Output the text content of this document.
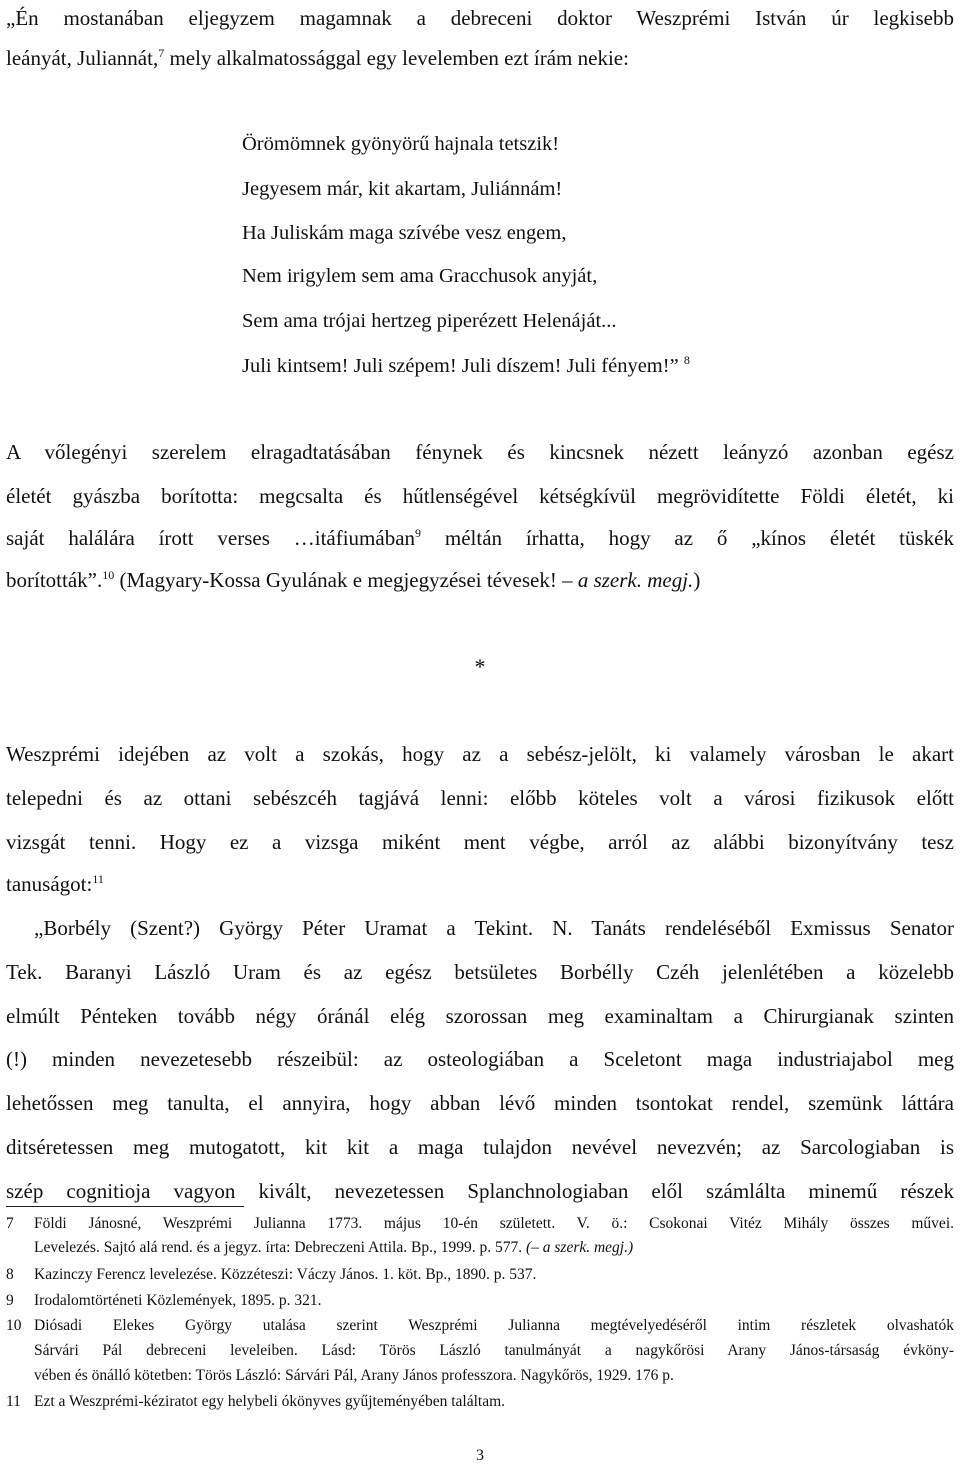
„Én mostanában eljegyzem magamnak a debreceni doktor Weszprémi István úr legkisebb
leányát, Juliannát,$^7$ mely alkalmatossággal egy levelemben ezt írám nekie:
Örömömnek gyönyörű hajnala tetszik!
Jegyesem már, kit akartam, Juliánnám!
Ha Juliskám maga szívébe vesz engem,
Nem irigylem sem ama Gracchusok anyját,
Sem ama trójai hertzeg piperézett Helenáját...
Juli kintsem! Juli szépem! Juli díszem! Juli fényem!” $^8$
A vőlegényi szerelem elragadtatásában fénynek és kincsnek nézett leányzó azonban egész
életét gyászba borította: megcsalta és hűtlenségével kétségkívül megrövidítette Földi életét, ki
saját halálára írott verses …itáfiumában$^9$ méltán írhatta, hogy az ő „kínos életét tüskék
borították”.$^{10}$ (Magyary-Kossa Gyulának e megjegyzései tévesek! – a szerk. megj.)
*
Weszprémi idejében az volt a szokás, hogy az a sebész-jelölt, ki valamely városban le akart
telepedni és az ottani sebészcéh tagjává lenni: előbb köteles volt a városi fizikusok előtt
vizsgát tenni. Hogy ez a vizsga miként ment végbe, arról az alábbi bizonyítvány tesz
tanuságot:$^{11}$
„Borbély (Szent?) György Péter Uramat a Tekint. N. Tanáts rendeléséből Exmissus Senator
Tek. Baranyi László Uram és az egész betsületes Borbélly Czéh jelenlétében a közelebb
elmúlt Pénteken tovább négy óránál elég szorossan meg examinaltam a Chirurgianak szinten
(!) minden nevezetesebb részeibül: az osteologiában a Sceletont maga industriajabol meg
lehetőssen meg tanulta, el annyira, hogy abban lévő minden tsontokat rendel, szemünk láttára
ditséretessen meg mutogatott, kit kit a maga tulajdon nevével nevezvén; az Sarcologiaban is
szép cognitioja vagyon kivált, nevezetessen Splanchnologiaban elől számlálta minemű részek
7 Földi Jánosné, Weszprémi Julianna 1773. május 10-én született. V. ö.: Csokonai Vitéz Mihály összes művei.
Levelezés. Sajtó alá rend. és a jegyz. írta: Debreczeni Attila. Bp., 1999. p. 577. (– a szerk. megj.)
8 Kazinczy Ferencz levelezése. Közzéteszi: Váczy János. 1. köt. Bp., 1890. p. 537.
9 Irodalomtörténeti Közlemények, 1895. p. 321.
10 Diósadi Elekes György utalása szerint Weszprémi Julianna megtévelyedéséről intim részletek olvashatók
Sárvári Pál debreceni leveleiben. Lásd: Törös László tanulmányát a nagykőrösi Arany János-társaság évköny-
vében és önálló kötetben: Törös László: Sárvári Pál, Arany János professzora. Nagykőrös, 1929. 176 p.
11 Ezt a Weszprémi-kéziratot egy helybeli ókönyves gyűjteményében találtam.
3
